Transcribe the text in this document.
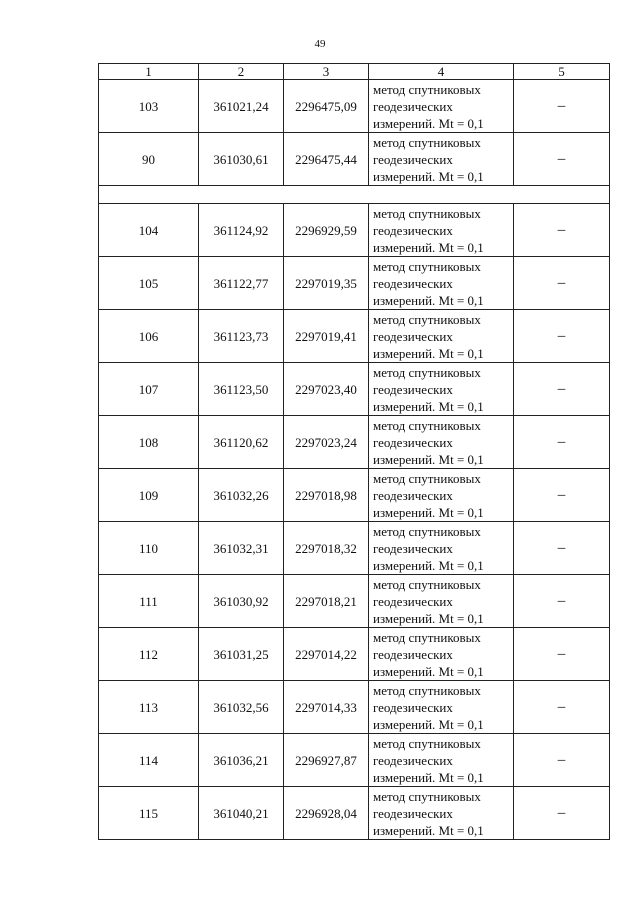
49
1	2	3	4	5
103	361021,24	2296475,09	метод спутниковых
геодезических
измерений. Mt = 0,1	–
90	361030,61	2296475,44	метод спутниковых
геодезических
измерений. Mt = 0,1	–

104	361124,92	2296929,59	метод спутниковых
геодезических
измерений. Mt = 0,1	–
105	361122,77	2297019,35	метод спутниковых
геодезических
измерений. Mt = 0,1	–
106	361123,73	2297019,41	метод спутниковых
геодезических
измерений. Mt = 0,1	–
107	361123,50	2297023,40	метод спутниковых
геодезических
измерений. Mt = 0,1	–
108	361120,62	2297023,24	метод спутниковых
геодезических
измерений. Mt = 0,1	–
109	361032,26	2297018,98	метод спутниковых
геодезических
измерений. Mt = 0,1	–
110	361032,31	2297018,32	метод спутниковых
геодезических
измерений. Mt = 0,1	–
111	361030,92	2297018,21	метод спутниковых
геодезических
измерений. Mt = 0,1	–
112	361031,25	2297014,22	метод спутниковых
геодезических
измерений. Mt = 0,1	–
113	361032,56	2297014,33	метод спутниковых
геодезических
измерений. Mt = 0,1	–
114	361036,21	2296927,87	метод спутниковых
геодезических
измерений. Mt = 0,1	–
115	361040,21	2296928,04	метод спутниковых
геодезических
измерений. Mt = 0,1	–
